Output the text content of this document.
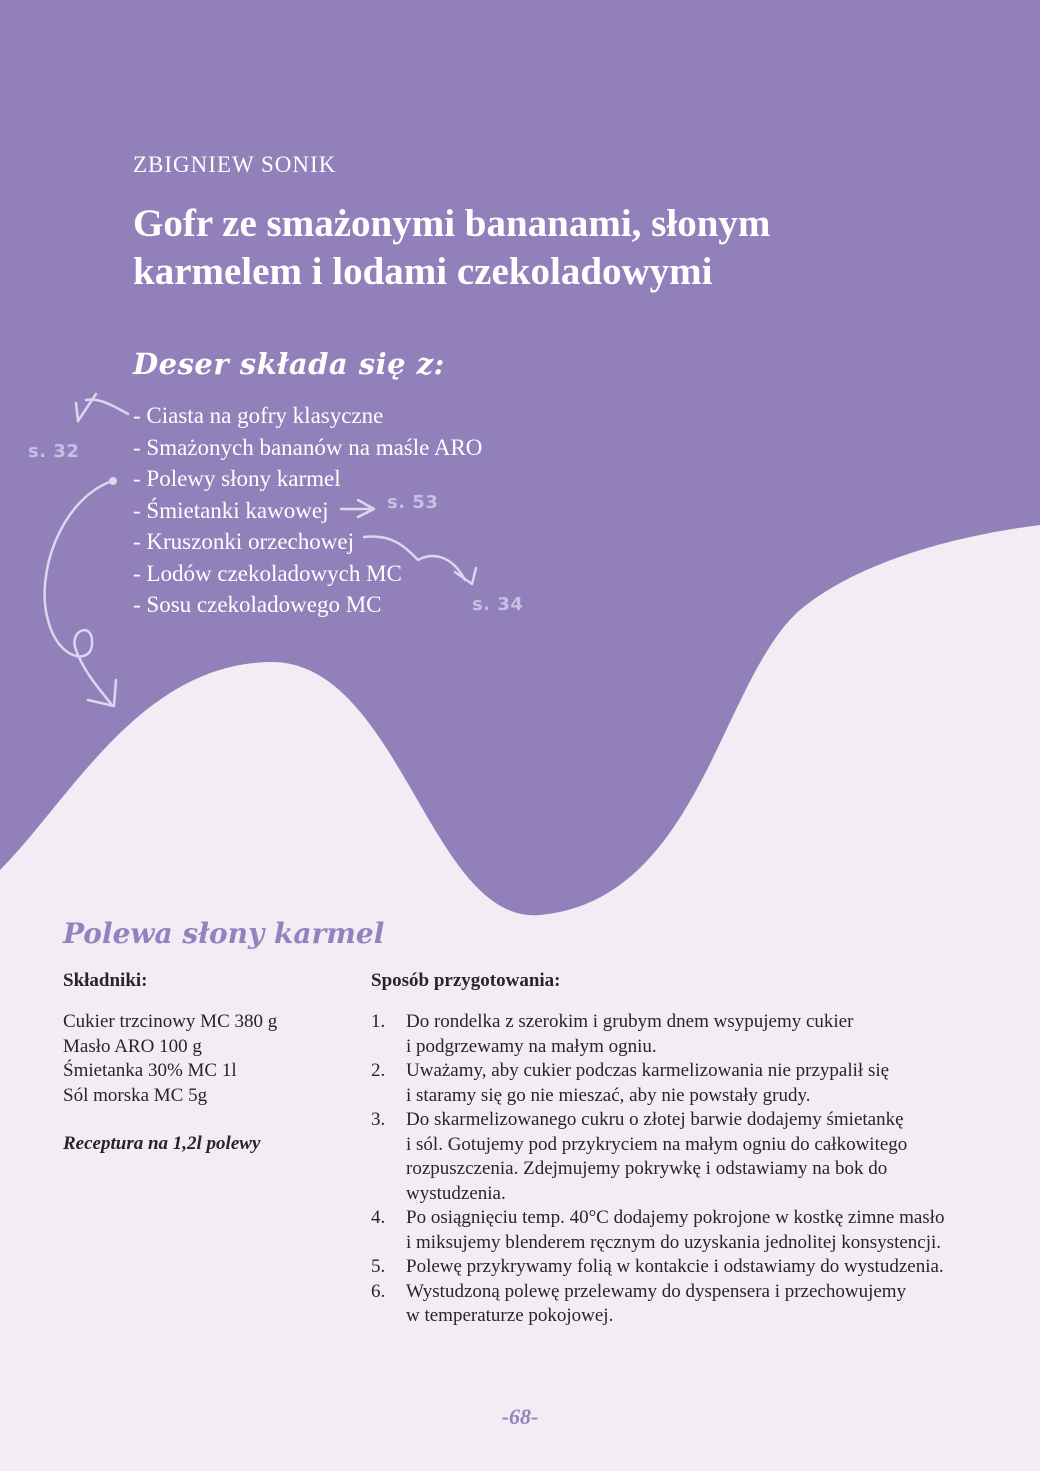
ZBIGNIEW SONIK
Gofr ze smażonymi bananami, słonym
karmelem i lodami czekoladowymi
Deser składa się z:
- Ciasta na gofry klasyczne
- Smażonych bananów na maśle ARO
- Polewy słony karmel
- Śmietanki kawowej
- Kruszonki orzechowej
- Lodów czekoladowych MC
- Sosu czekoladowego MC
s. 32
s. 53
s. 34
Polewa słony karmel
Składniki:
Cukier trzcinowy MC 380 g
Masło ARO 100 g
Śmietanka 30% MC 1l
Sól morska MC 5g
Receptura na 1,2l polewy
Sposób przygotowania:
1. Do rondelka z szerokim i grubym dnem wsypujemy cukier
i podgrzewamy na małym ogniu.
2. Uważamy, aby cukier podczas karmelizowania nie przypalił się
i staramy się go nie mieszać, aby nie powstały grudy.
3. Do skarmelizowanego cukru o złotej barwie dodajemy śmietankę
i sól. Gotujemy pod przykryciem na małym ogniu do całkowitego
rozpuszczenia. Zdejmujemy pokrywkę i odstawiamy na bok do
wystudzenia.
4. Po osiągnięciu temp. 40°C dodajemy pokrojone w kostkę zimne masło
i miksujemy blenderem ręcznym do uzyskania jednolitej konsystencji.
5. Polewę przykrywamy folią w kontakcie i odstawiamy do wystudzenia.
6. Wystudzoną polewę przelewamy do dyspensera i przechowujemy
w temperaturze pokojowej.
-68-
